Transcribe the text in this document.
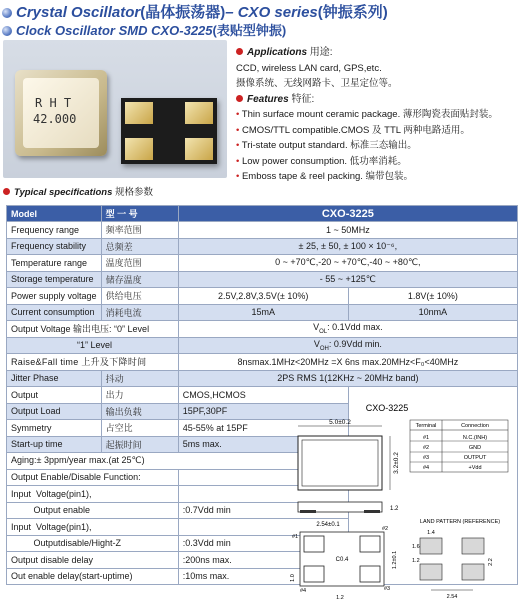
Crystal Oscillator(晶体振荡器)– CXO series(钟振系列)
Clock Oscillator SMD CXO-3225(表贴型钟振)
R H T
42.000
Applications 用途:
CCD, wireless LAN card, GPS,etc.
摄像系统、无线网路卡、卫星定位等。
Features 特征:
• Thin surface mount ceramic package. 薄形陶瓷表面贴封装。
• CMOS/TTL compatible.CMOS 及 TTL 两种电路适用。
• Tri-state output standard. 标准三态输出。
• Low power consumption. 低功率消耗。
• Emboss tape & reel packing. 编带包装。
Typical specifications 规格参数
Model	型 一 号	CXO-3225	
Frequency range	频率范围	1 ~ 50MHz	
Frequency stability	总频差	± 25, ± 50, ± 100 × 10⁻⁶,	
Temperature range	温度范围	0 ~ +70℃,-20 ~ +70℃,-40 ~ +80℃,	
Storage temperature	储存温度	- 55 ~ +125℃	
Power supply voltage	供给电压	2.5V,2.8V,3.5V(± 10%)	1.8V(± 10%)
Current consumption	消耗电流	15mA	10nmA
Output Voltage 输出电压: “0” Level		$V_{OL}$: 0.1Vdd max.	
“1” Level		$V_{OH}$: 0.9Vdd min.	
Raise&Fall time 上升及下降时间		8nsmax.1MHz<20MHz =X 6ns max.20MHz<F₀<40MHz	
Jitter Phase	抖动	2PS RMS 1(12KHz ~ 20MHz band)	
Output	出力	CMOS,HCMOS	
Output Load	输出负载	15PF,30PF	
Symmetry	占空比	45-55% at 15PF	
Start-up time	起振时间	5ms max.	
Aging:± 3ppm/year max.(at 25℃)			
Output Enable/Disable Function:			
Input  Voltage(pin1),			
Output enable		:0.7Vdd min	
Input  Voltage(pin1),			
Outputdisable/Hight-Z		:0.3Vdd min	
Output disable delay		:200ns max.	
Out enable delay(start-uptime)		:10ms max.	
CXO-3225
5.0±0.2
3.2±0.2
1.2
Terminal	Connection
#1	N.C.(INH)
#2	GND
#3	OUTPUT
#4	+Vdd
2.54±0.1
C0.4
#1
#2
#3
#4
1.2±0.1
1.0
1.2
LAND PATTERN (REFERENCE)
1.4
1.6
1.2	2.2
2.54
